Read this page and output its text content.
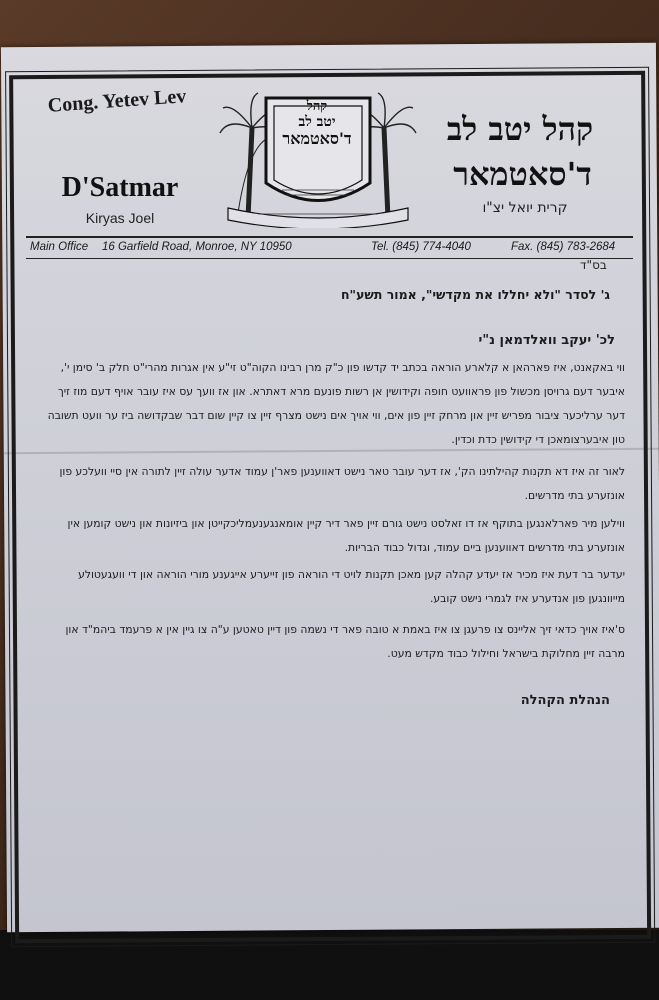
Cong. Yetev Lev
D'Satmar
Kiryas Joel
קהל
יטב לב
ד'סאטמאר	קהל יטב לב
ד'סאטמאר
קרית יואל יצ"ו
Main Office 16 Garfield Road, Monroe, NY 10950	Tel. (845) 774-4040	Fax. (845) 783-2684
בס"ד
ג' לסדר "ולא יחללו את מקדשי", אמור תשע"ח
לכ' יעקב וואלדמאן נ"י
ווי באקאנט, איז פארהאן א קלארע הוראה בכתב יד קדשו פון כ"ק מרן רבינו הקוה"ט זי"ע אין אגרות מהרי"ט חלק ב' סימן י', איבער דעם גרויסן מכשול פון פראוועט חופה וקידושין אן רשות פונעם מרא דאתרא. און אז וועך עס איז עובר אויף דעם מוז זיך דער ערליכער ציבור מפריש זיין און מרחק זיין פון אים, ווי אויך אים נישט מצרף זיין צו קיין שום דבר שבקדושה ביז ער וועט תשובה טון איבערצומאכן די קידושין כדת וכדין.
לאור זה איז דא תקנות קהילתינו הק', אז דער עובר טאר נישט דאווענען פאר'ן עמוד אדער עולה זיין לתורה אין סיי וועלכע פון אונזערע בתי מדרשים.
ווילען מיר פארלאנגען בתוקף אז דו זאלסט נישט גורם זיין פאר דיר קיין אומאנגענעמליכקייטן און ביזיונות און נישט קומען אין אונזערע בתי מדרשים דאווענען ביים עמוד, וגדול כבוד הבריות.
יעדער בר דעת איז מכיר אז יעדע קהלה קען מאכן תקנות לויט די הוראה פון זייערע אייגענע מורי הוראה און די וועגעטולע מייוונגען פון אנדערע איז לגמרי נישט קובע.
ס'איז אויך כדאי זיך אליינס צו פרעגן צו איז באמת א טובה פאר די נשמה פון דיין טאטען ע"ה צו גיין אין א פרעמד ביהמ"ד און מרבה זיין מחלוקת בישראל וחילול כבוד מקדש מעט.
הנהלת הקהלה
